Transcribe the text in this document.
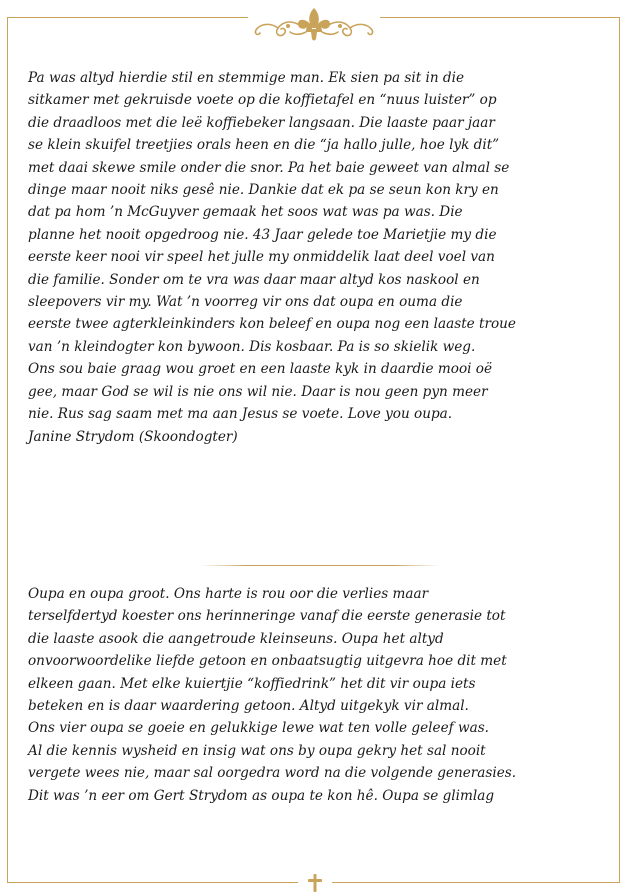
Pa was altyd hierdie stil en stemmige man. Ek sien pa sit in die
sitkamer met gekruisde voete op die koffietafel en “nuus luister” op
die draadloos met die leë koffiebeker langsaan. Die laaste paar jaar
se klein skuifel treetjies orals heen en die “ja hallo julle, hoe lyk dit”
met daai skewe smile onder die snor. Pa het baie geweet van almal se
dinge maar nooit niks gesê nie. Dankie dat ek pa se seun kon kry en
dat pa hom ’n McGuyver gemaak het soos wat was pa was. Die
planne het nooit opgedroog nie. 43 Jaar gelede toe Marietjie my die
eerste keer nooi vir speel het julle my onmiddelik laat deel voel van
die familie. Sonder om te vra was daar maar altyd kos naskool en
sleepovers vir my. Wat ’n voorreg vir ons dat oupa en ouma die
eerste twee agterkleinkinders kon beleef en oupa nog een laaste troue
van ’n kleindogter kon bywoon. Dis kosbaar. Pa is so skielik weg.
Ons sou baie graag wou groet en een laaste kyk in daardie mooi oë
gee, maar God se wil is nie ons wil nie. Daar is nou geen pyn meer
nie. Rus sag saam met ma aan Jesus se voete. Love you oupa.
Janine Strydom (Skoondogter)
Oupa en oupa groot. Ons harte is rou oor die verlies maar
terselfdertyd koester ons herinneringe vanaf die eerste generasie tot
die laaste asook die aangetroude kleinseuns. Oupa het altyd
onvoorwoordelike liefde getoon en onbaatsugtig uitgevra hoe dit met
elkeen gaan. Met elke kuiertjie “koffiedrink” het dit vir oupa iets
beteken en is daar waardering getoon. Altyd uitgekyk vir almal.
Ons vier oupa se goeie en gelukkige lewe wat ten volle geleef was.
Al die kennis wysheid en insig wat ons by oupa gekry het sal nooit
vergete wees nie, maar sal oorgedra word na die volgende generasies.
Dit was ’n eer om Gert Strydom as oupa te kon hê. Oupa se glimlag
